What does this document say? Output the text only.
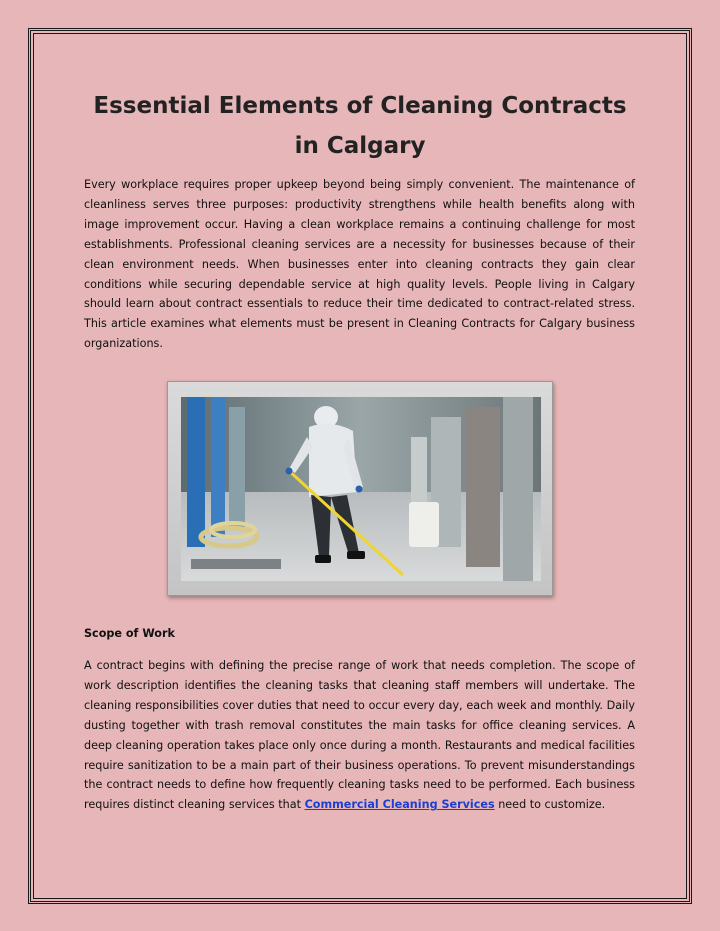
Essential Elements of Cleaning Contracts in Calgary

Every workplace requires proper upkeep beyond being simply convenient. The maintenance of cleanliness serves three purposes: productivity strengthens while health benefits along with image improvement occur. Having a clean workplace remains a continuing challenge for most establishments. Professional cleaning services are a necessity for businesses because of their clean environment needs. When businesses enter into cleaning contracts they gain clear conditions while securing dependable service at high quality levels. People living in Calgary should learn about contract essentials to reduce their time dedicated to contract-related stress. This article examines what elements must be present in Cleaning Contracts for Calgary business organizations.

Scope of Work

A contract begins with defining the precise range of work that needs completion. The scope of work description identifies the cleaning tasks that cleaning staff members will undertake. The cleaning responsibilities cover duties that need to occur every day, each week and monthly. Daily dusting together with trash removal constitutes the main tasks for office cleaning services. A deep cleaning operation takes place only once during a month. Restaurants and medical facilities require sanitization to be a main part of their business operations. To prevent misunderstandings the contract needs to define how frequently cleaning tasks need to be performed. Each business requires distinct cleaning services that Commercial Cleaning Services need to customize.
